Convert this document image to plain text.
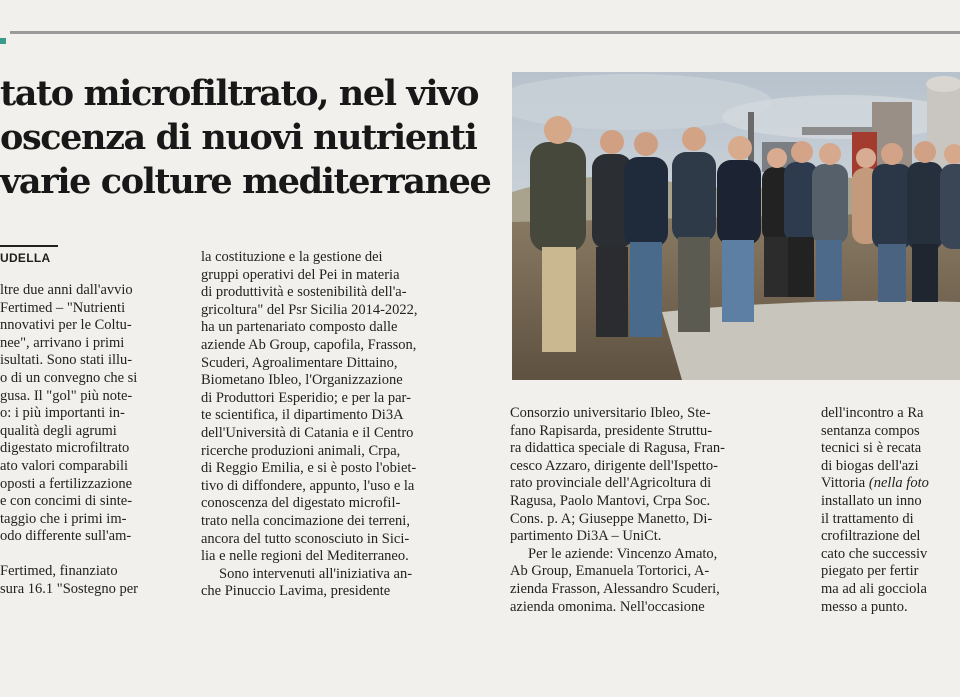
tato microfiltrato, nel vivo
oscenza di nuovi nutrienti
varie colture mediterranee
UDELLA
ltre due anni dall'avvio
Fertimed – "Nutrienti
nnovativi per le Coltu-
nee", arrivano i primi
isultati. Sono stati illu-
o di un convegno che si
gusa. Il "gol" più note-
o: i più importanti in-
qualità degli agrumi
digestato microfiltrato
ato valori comparabili
oposti a fertilizzazione
e con concimi di sinte-
taggio che i primi im-
odo differente sull'am-
Fertimed, finanziato
sura 16.1 "Sostegno per
la costituzione e la gestione dei
gruppi operativi del Pei in materia
di produttività e sostenibilità dell'a-
gricoltura" del Psr Sicilia 2014-2022,
ha un partenariato composto dalle
aziende Ab Group, capofila, Frasson,
Scuderi, Agroalimentare Dittaino,
Biometano Ibleo, l'Organizzazione
di Produttori Esperidio; e per la par-
te scientifica, il dipartimento Di3A
dell'Università di Catania e il Centro
ricerche produzioni animali, Crpa,
di Reggio Emilia, e si è posto l'obiet-
tivo di diffondere, appunto, l'uso e la
conoscenza del digestato microfil-
trato nella concimazione dei terreni,
ancora del tutto sconosciuto in Sici-
lia e nelle regioni del Mediterraneo.
Sono intervenuti all'iniziativa an-
che Pinuccio Lavima, presidente
Consorzio universitario Ibleo, Ste-
fano Rapisarda, presidente Struttu-
ra didattica speciale di Ragusa, Fran-
cesco Azzaro, dirigente dell'Ispetto-
rato provinciale dell'Agricoltura di
Ragusa, Paolo Mantovi, Crpa Soc.
Cons. p. A; Giuseppe Manetto, Di-
partimento Di3A – UniCt.
Per le aziende: Vincenzo Amato,
Ab Group, Emanuela Tortorici, A-
zienda Frasson, Alessandro Scuderi,
azienda omonima. Nell'occasione
dell'incontro a Ra
sentanza compos
tecnici si è recata
di biogas dell'azi
Vittoria (nella foto
installato un inno
il trattamento di
crofiltrazione del
cato che successiv
piegato per fertir
ma ad ali gocciola
messo a punto.
